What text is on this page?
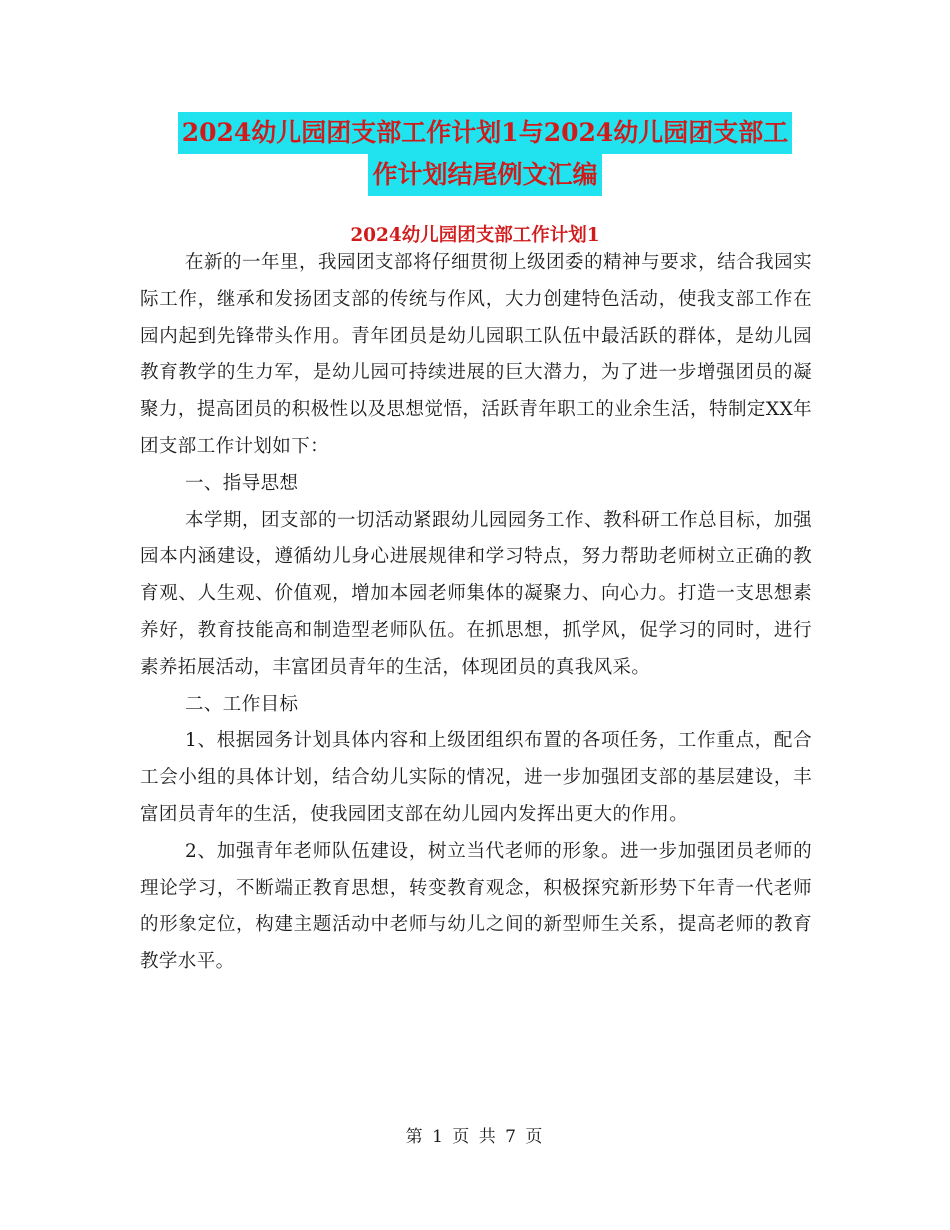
2024幼儿园团支部工作计划1与2024幼儿园团支部工
作计划结尾例文汇编
2024幼儿园团支部工作计划1

在新的一年里，我园团支部将仔细贯彻上级团委的精神与要求，结合我园实际工作，继承和发扬团支部的传统与作风，大力创建特色活动，使我支部工作在园内起到先锋带头作用。青年团员是幼儿园职工队伍中最活跃的群体，是幼儿园教育教学的生力军，是幼儿园可持续进展的巨大潜力，为了进一步增强团员的凝聚力，提高团员的积极性以及思想觉悟，活跃青年职工的业余生活，特制定XX年团支部工作计划如下：

一、指导思想

本学期，团支部的一切活动紧跟幼儿园园务工作、教科研工作总目标，加强园本内涵建设，遵循幼儿身心进展规律和学习特点，努力帮助老师树立正确的教育观、人生观、价值观，增加本园老师集体的凝聚力、向心力。打造一支思想素养好，教育技能高和制造型老师队伍。在抓思想，抓学风，促学习的同时，进行素养拓展活动，丰富团员青年的生活，体现团员的真我风采。

二、工作目标

1、根据园务计划具体内容和上级团组织布置的各项任务，工作重点，配合工会小组的具体计划，结合幼儿实际的情况，进一步加强团支部的基层建设，丰富团员青年的生活，使我园团支部在幼儿园内发挥出更大的作用。

2、加强青年老师队伍建设，树立当代老师的形象。进一步加强团员老师的理论学习，不断端正教育思想，转变教育观念，积极探究新形势下年青一代老师的形象定位，构建主题活动中老师与幼儿之间的新型师生关系，提高老师的教育教学水平。

第 1 页 共 7 页
